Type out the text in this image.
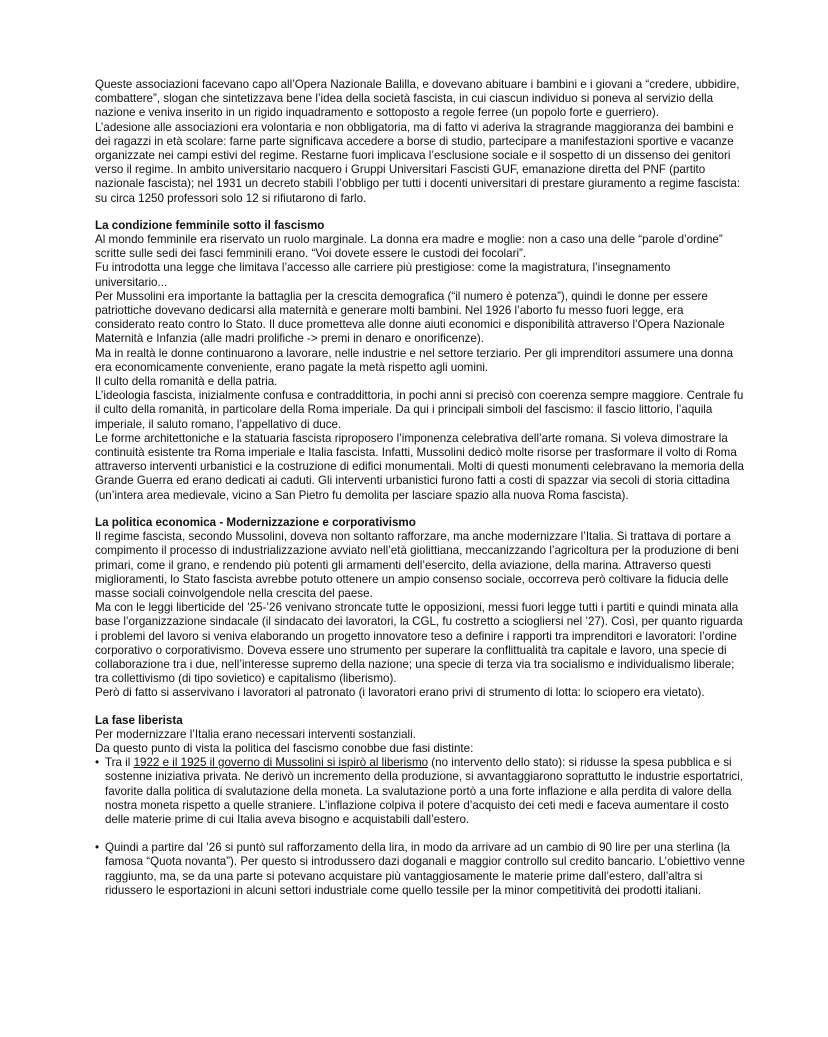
Queste associazioni facevano capo all’Opera Nazionale Balilla, e dovevano abituare i bambini e i giovani a “credere, ubbidire, combattere”, slogan che sintetizzava bene l’idea della società fascista, in cui ciascun individuo si poneva al servizio della nazione e veniva inserito in un rigido inquadramento e sottoposto a regole ferree (un popolo forte e guerriero).

L’adesione alle associazioni era volontaria e non obbligatoria, ma di fatto vi aderiva la stragrande maggioranza dei bambini e dei ragazzi in età scolare: farne parte significava accedere a borse di studio, partecipare a manifestazioni sportive e vacanze organizzate nei campi estivi del regime. Restarne fuori implicava l’esclusione sociale e il sospetto di un dissenso dei genitori verso il regime. In ambito universitario nacquero i Gruppi Universitari Fascisti GUF, emanazione diretta del PNF (partito nazionale fascista); nel 1931 un decreto stabilì l’obbligo per tutti i docenti universitari di prestare giuramento a regime fascista: su circa 1250 professori solo 12 si rifiutarono di farlo.

La condizione femminile sotto il fascismo

Al mondo femminile era riservato un ruolo marginale. La donna era madre e moglie: non a caso una delle “parole d’ordine” scritte sulle sedi dei fasci femminili erano. “Voi dovete essere le custodi dei focolari”.

Fu introdotta una legge che limitava l’accesso alle carriere più prestigiose: come la magistratura, l’insegnamento universitario...

Per Mussolini era importante la battaglia per la crescita demografica (“il numero è potenza”), quindi le donne per essere patriottiche dovevano dedicarsi alla maternità e generare molti bambini. Nel 1926 l’aborto fu messo fuori legge, era considerato reato contro lo Stato. Il duce prometteva alle donne aiuti economici e disponibilità attraverso l’Opera Nazionale Maternità e Infanzia (alle madri prolifiche -> premi in denaro e onorificenze).

Ma in realtà le donne continuarono a lavorare, nelle industrie e nel settore terziario. Per gli imprenditori assumere una donna era economicamente conveniente, erano pagate la metà rispetto agli uomini.

Il culto della romanità e della patria.

L’ideologia fascista, inizialmente confusa e contraddittoria, in pochi anni si precisò con coerenza sempre maggiore. Centrale fu il culto della romanità, in particolare della Roma imperiale. Da qui i principali simboli del fascismo: il fascio littorio, l’aquila imperiale, il saluto romano, l’appellativo di duce.

Le forme architettoniche e la statuaria fascista riproposero l’imponenza celebrativa dell’arte romana. Si voleva dimostrare la continuità esistente tra Roma imperiale e Italia fascista. Infatti, Mussolini dedicò molte risorse per trasformare il volto di Roma attraverso interventi urbanistici e la costruzione di edifici monumentali. Molti di questi monumenti celebravano la memoria della Grande Guerra ed erano dedicati ai caduti. Gli interventi urbanistici furono fatti a costi di spazzar via secoli di storia cittadina (un’intera area medievale, vicino a San Pietro fu demolita per lasciare spazio alla nuova Roma fascista).

La politica economica - Modernizzazione e corporativismo

Il regime fascista, secondo Mussolini, doveva non soltanto rafforzare, ma anche modernizzare l’Italia. Si trattava di portare a compimento il processo di industrializzazione avviato nell’età giolittiana, meccanizzando l’agricoltura per la produzione di beni primari, come il grano, e rendendo più potenti gli armamenti dell’esercito, della aviazione, della marina. Attraverso questi miglioramenti, lo Stato fascista avrebbe potuto ottenere un ampio consenso sociale, occorreva però coltivare la fiducia delle masse sociali coinvolgendole nella crescita del paese.

Ma con le leggi liberticide del ’25-’26 venivano stroncate tutte le opposizioni, messi fuori legge tutti i partiti e quindi minata alla base l’organizzazione sindacale (il sindacato dei lavoratori, la CGL, fu costretto a sciogliersi nel ’27). Così, per quanto riguarda i problemi del lavoro si veniva elaborando un progetto innovatore teso a definire i rapporti tra imprenditori e lavoratori: l’ordine corporativo o corporativismo. Doveva essere uno strumento per superare la conflittualità tra capitale e lavoro, una specie di collaborazione tra i due, nell’interesse supremo della nazione; una specie di terza via tra socialismo e individualismo liberale; tra collettivismo (di tipo sovietico) e capitalismo (liberismo).

Però di fatto si asservivano i lavoratori al patronato (i lavoratori erano privi di strumento di lotta: lo sciopero era vietato).

La fase liberista

Per modernizzare l’Italia erano necessari interventi sostanziali.

Da questo punto di vista la politica del fascismo conobbe due fasi distinte:

• Tra il 1922 e il 1925 il governo di Mussolini si ispirò al liberismo (no intervento dello stato): si ridusse la spesa pubblica e si sostenne iniziativa privata. Ne derivò un incremento della produzione, si avvantaggiarono soprattutto le industrie esportatrici, favorite dalla politica di svalutazione della moneta. La svalutazione portò a una forte inflazione e alla perdita di valore della nostra moneta rispetto a quelle straniere. L’inflazione colpiva il potere d’acquisto dei ceti medi e faceva aumentare il costo delle materie prime di cui Italia aveva bisogno e acquistabili dall’estero.
• Quindi a partire dal ’26 si puntò sul rafforzamento della lira, in modo da arrivare ad un cambio di 90 lire per una sterlina (la famosa “Quota novanta”). Per questo si introdussero dazi doganali e maggior controllo sul credito bancario. L’obiettivo venne raggiunto, ma, se da una parte si potevano acquistare più vantaggiosamente le materie prime dall’estero, dall’altra si ridussero le esportazioni in alcuni settori industriale come quello tessile per la minor competitività dei prodotti italiani.
